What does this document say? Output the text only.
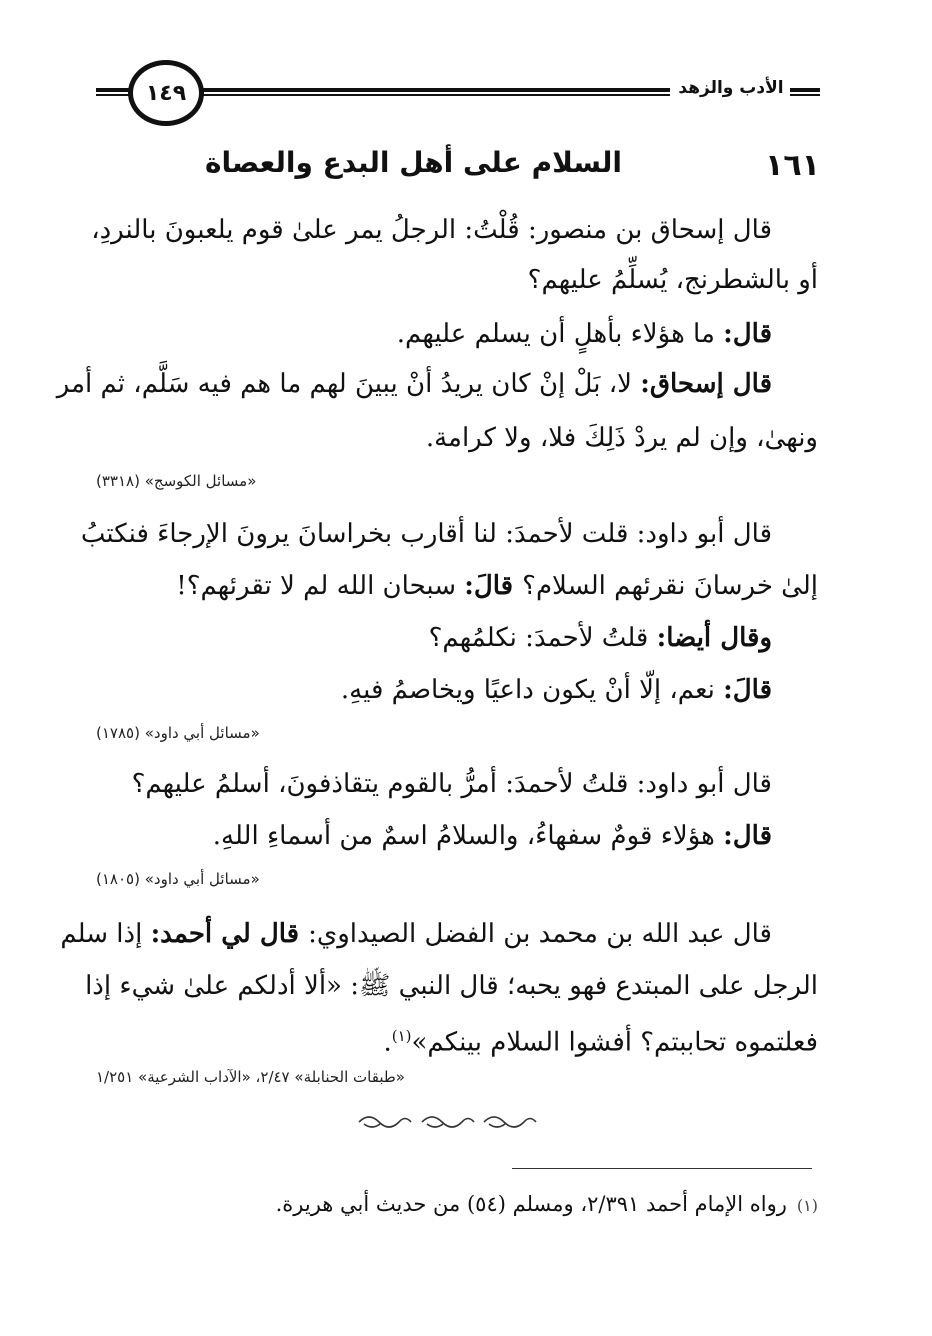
١٤٩	الأدب والزهد
١٦١
السلام على أهل البدع والعصاة
قال إسحاق بن منصور: قُلْتُ: الرجلُ يمر علىٰ قوم يلعبونَ بالنردِ،
أو بالشطرنج، يُسلِّمُ عليهم؟
قال: ما هؤلاء بأهلٍ أن يسلم عليهم.
قال إسحاق: لا، بَلْ إنْ كان يريدُ أنْ يبينَ لهم ما هم فيه سَلَّم، ثم أمر
ونهىٰ، وإن لم يردْ ذَلِكَ فلا، ولا كرامة.
«مسائل الكوسج» (٣٣١٨)
قال أبو داود: قلت لأحمدَ: لنا أقارب بخراسانَ يرونَ الإرجاءَ فنكتبُ
إلىٰ خرسانَ نقرئهم السلام؟ قالَ: سبحان الله لم لا تقرئهم؟!
وقال أيضا: قلتُ لأحمدَ: نكلمُهم؟
قالَ: نعم، إلّا أنْ يكون داعيًا ويخاصمُ فيهِ.
«مسائل أبي داود» (١٧٨٥)
قال أبو داود: قلتُ لأحمدَ: أمرُّ بالقوم يتقاذفونَ، أسلمُ عليهم؟
قال: هؤلاء قومٌ سفهاءُ، والسلامُ اسمٌ من أسماءِ اللهِ.
«مسائل أبي داود» (١٨٠٥)
قال عبد الله بن محمد بن الفضل الصيداوي: قال لي أحمد: إذا سلم
الرجل على المبتدع فهو يحبه؛ قال النبي ﷺ: «ألا أدلكم علىٰ شيء إذا
فعلتموه تحاببتم؟ أفشوا السلام بينكم»$^{(١)}$.
«طبقات الحنابلة» ٢/٤٧، «الآداب الشرعية» ١/٢٥١
(١)رواه الإمام أحمد ٢/٣٩١، ومسلم (٥٤) من حديث أبي هريرة.
